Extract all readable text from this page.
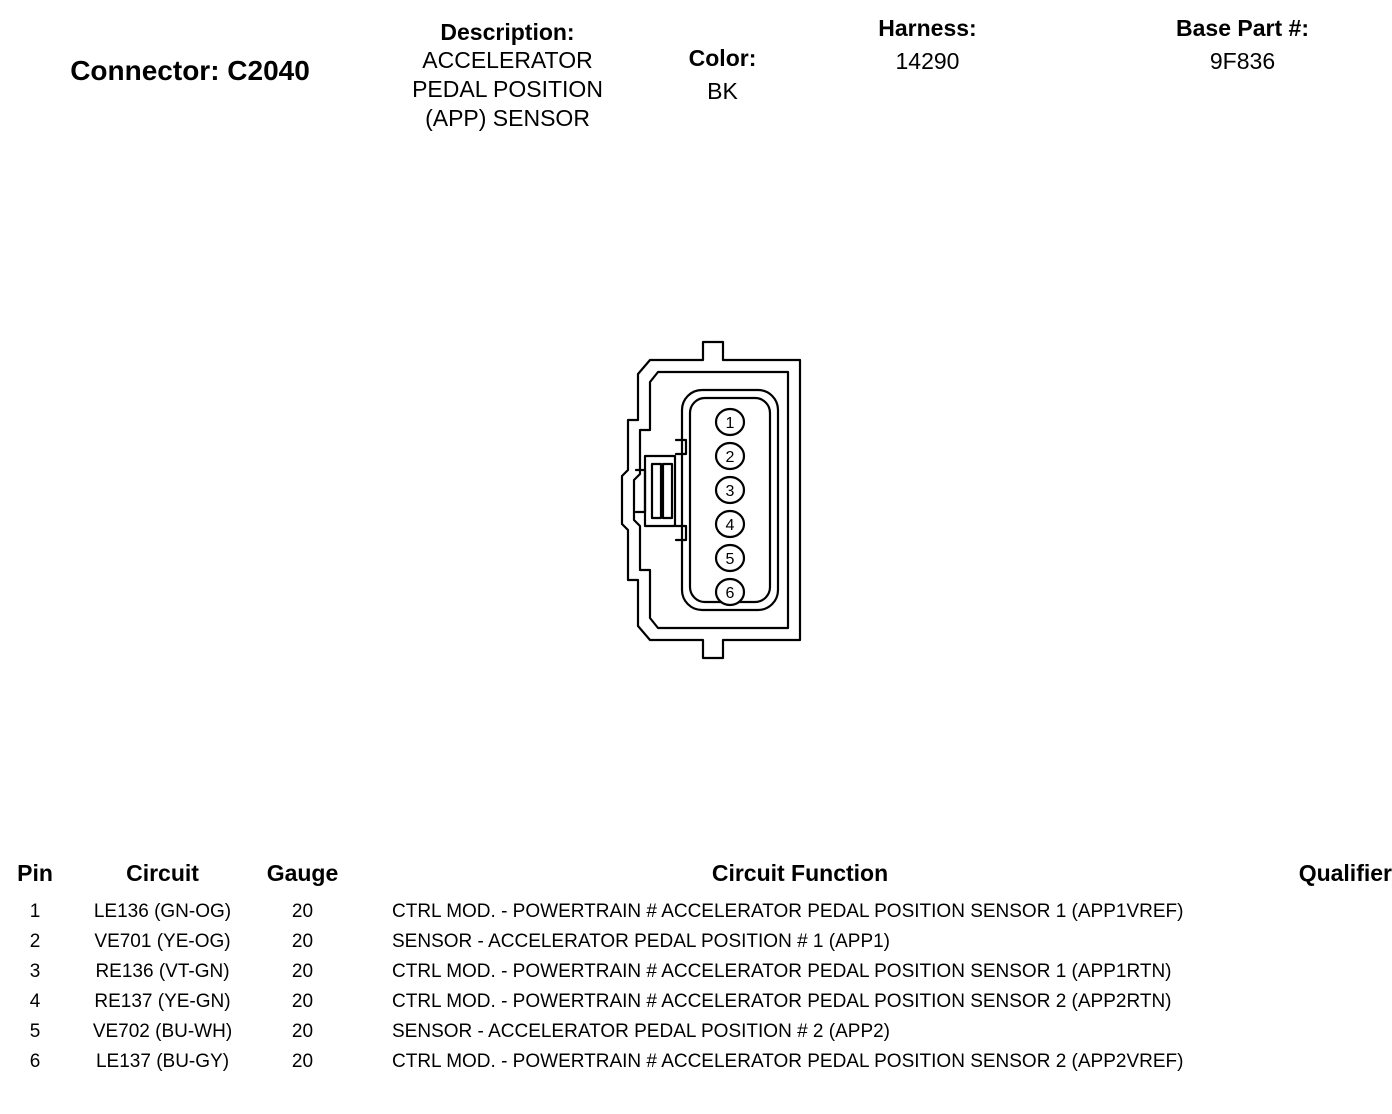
Connector: C2040
Description:
ACCELERATOR
PEDAL POSITION
(APP) SENSOR
Color:
BK
Harness:
14290
Base Part #:
9F836
1
2
3
4
5
6
Pin	Circuit	Gauge	Circuit Function	Qualifier
1	LE136 (GN-OG)	20	CTRL MOD. - POWERTRAIN # ACCELERATOR PEDAL POSITION SENSOR 1 (APP1VREF)	
2	VE701 (YE-OG)	20	SENSOR - ACCELERATOR PEDAL POSITION # 1 (APP1)	
3	RE136 (VT-GN)	20	CTRL MOD. - POWERTRAIN # ACCELERATOR PEDAL POSITION SENSOR 1 (APP1RTN)	
4	RE137 (YE-GN)	20	CTRL MOD. - POWERTRAIN # ACCELERATOR PEDAL POSITION SENSOR 2 (APP2RTN)	
5	VE702 (BU-WH)	20	SENSOR - ACCELERATOR PEDAL POSITION # 2 (APP2)	
6	LE137 (BU-GY)	20	CTRL MOD. - POWERTRAIN # ACCELERATOR PEDAL POSITION SENSOR 2 (APP2VREF)	
